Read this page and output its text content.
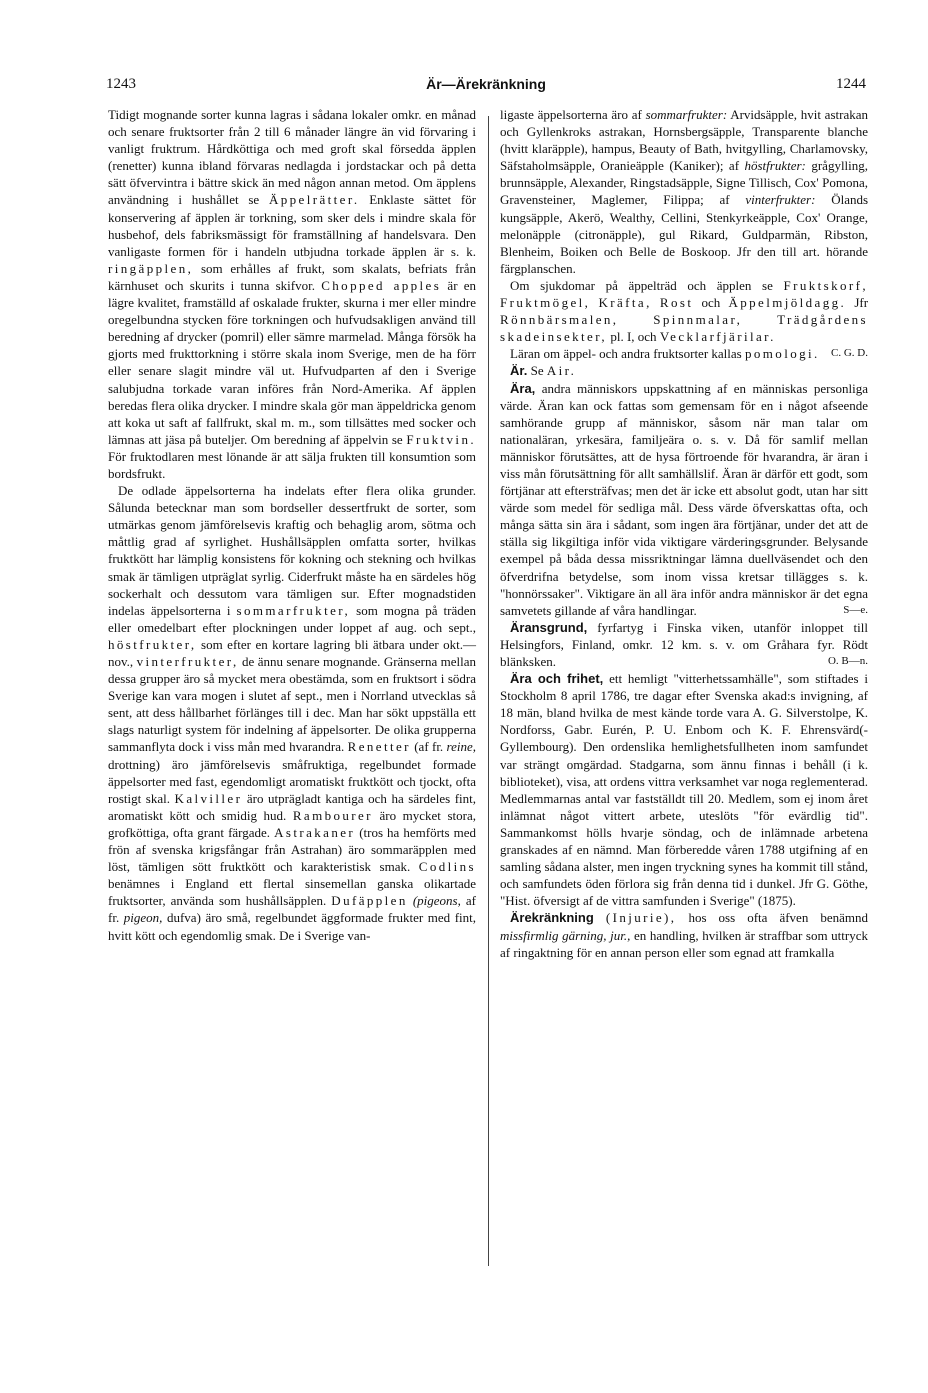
1243	Är—Ärekränkning	1244

Tidigt mognande sorter kunna lagras i sådana lokaler omkr. en månad och senare fruktsorter från 2 till 6 månader längre än vid förvaring i vanligt fruktrum. Hårdköttiga och med groft skal försedda äpplen (renetter) kunna ibland förvaras nedlagda i jordstackar och på detta sätt öfvervintra i bättre skick än med någon annan metod. Om äpplens användning i hushållet se Äppelrätter. Enklaste sättet för konservering af äpplen är torkning, som sker dels i mindre skala för husbehof, dels fabriksmässigt för framställning af handelsvara. Den vanligaste formen för i handeln utbjudna torkade äpplen är s. k. ringäpplen, som erhålles af frukt, som skalats, befriats från kärnhuset och skurits i tunna skifvor. Chopped apples är en lägre kvalitet, framställd af oskalade frukter, skurna i mer eller mindre oregelbundna stycken före torkningen och hufvudsakligen använd till beredning af drycker (pomril) eller sämre marmelad. Många försök ha gjorts med frukttorkning i större skala inom Sverige, men de ha förr eller senare slagit mindre väl ut. Hufvudparten af den i Sverige salubjudna torkade varan införes från Nord-Amerika. Af äpplen beredas flera olika drycker. I mindre skala gör man äppeldricka genom att koka ut saft af fallfrukt, skal m. m., som tillsättes med socker och lämnas att jäsa på buteljer. Om beredning af äppelvin se Fruktvin. För fruktodlaren mest lönande är att sälja frukten till konsumtion som bordsfrukt.

De odlade äppelsorterna ha indelats efter flera olika grunder. Sålunda betecknar man som bordseller dessertfrukt de sorter, som utmärkas genom jämförelsevis kraftig och behaglig arom, sötma och måttlig grad af syrlighet. Hushållsäpplen omfatta sorter, hvilkas fruktkött har lämplig konsistens för kokning och stekning och hvilkas smak är tämligen utpräglat syrlig. Ciderfrukt måste ha en särdeles hög sockerhalt och dessutom vara tämligen sur. Efter mognadstiden indelas äppelsorterna i sommarfrukter, som mogna på träden eller omedelbart efter plockningen under loppet af aug. och sept., höstfrukter, som efter en kortare lagring bli ätbara under okt.—nov., vinterfrukter, de ännu senare mognande. Gränserna mellan dessa grupper äro så mycket mera obestämda, som en fruktsort i södra Sverige kan vara mogen i slutet af sept., men i Norrland utvecklas så sent, att dess hållbarhet förlänges till i dec. Man har sökt uppställa ett slags naturligt system för indelning af äppelsorter. De olika grupperna sammanflyta dock i viss mån med hvarandra. Renetter (af fr. reine, drottning) äro jämförelsevis småfruktiga, regelbundet formade äppelsorter med fast, egendomligt aromatiskt fruktkött och tjockt, ofta rostigt skal. Kalviller äro utprägladt kantiga och ha särdeles fint, aromatiskt kött och smidig hud. Rambourer äro mycket stora, grofköttiga, ofta grant färgade. Astrakaner (tros ha hemförts med frön af svenska krigsfångar från Astrahan) äro sommaräpplen med löst, tämligen sött fruktkött och karakteristisk smak. Codlins benämnes i England ett flertal sinsemellan ganska olikartade fruktsorter, använda som hushållsäpplen. Dufäpplen (pigeons, af fr. pigeon, dufva) äro små, regelbundet äggformade frukter med fint, hvitt kött och egendomlig smak. De i Sverige van-

ligaste äppelsorterna äro af sommarfrukter: Arvidsäpple, hvit astrakan och Gyllenkroks astrakan, Hornsbergsäpple, Transparente blanche (hvitt klaräpple), hampus, Beauty of Bath, hvitgylling, Charlamovsky, Säfstaholmsäpple, Oranieäpple (Kaniker); af höstfrukter: grågylling, brunnsäpple, Alexander, Ringstadsäpple, Signe Tillisch, Cox' Pomona, Gravensteiner, Maglemer, Filippa; af vinterfrukter: Ölands kungsäpple, Akerö, Wealthy, Cellini, Stenkyrkeäpple, Cox' Orange, melonäpple (citronäpple), gul Rikard, Guldparmän, Ribston, Blenheim, Boiken och Belle de Boskoop. Jfr den till art. hörande färgplanschen.

Om sjukdomar på äppelträd och äpplen se Fruktskorf, Fruktmögel, Kräfta, Rost och Äppelmjöldagg. Jfr Rönnbärsmalen,	Spinnmalar,	Trädgårdens skadeinsekter, pl. I, och Vecklarfjärilar.

Läran om äppel- och andra fruktsorter kallas pomologi.	C. G. D.

Är. Se Air.

Ära, andra människors uppskattning af en människas personliga värde. Äran kan ock fattas som gemensam för en i något afseende samhörande grupp af människor, såsom när man talar om nationaläran, yrkesära, familjeära o. s. v. Då för samlif mellan människor förutsättes, att de hysa förtroende för hvarandra, är äran i viss mån förutsättning för allt samhällslif. Äran är därför ett godt, som förtjänar att eftersträfvas; men det är icke ett absolut godt, utan har sitt värde som medel för sedliga mål. Dess värde öfverskattas ofta, och många sätta sin ära i sådant, som ingen ära förtjänar, under det att de ställa sig likgiltiga inför vida viktigare värderingsgrunder. Belysande exempel på båda dessa missriktningar lämna duellväsendet och den öfverdrifna betydelse, som inom vissa kretsar tillägges s. k. "honnörssaker". Viktigare än all ära inför andra människor är det egna samvetets gillande af våra handlingar.	S—e.

Äransgrund, fyrfartyg i Finska viken, utanför inloppet till Helsingfors, Finland, omkr. 12 km. s. v. om Gråhara fyr. Rödt blänksken.	O. B—n.

Ära och frihet, ett hemligt "vitterhetssamhälle", som stiftades i Stockholm 8 april 1786, tre dagar efter Svenska akad:s invigning, af 18 män, bland hvilka de mest kände torde vara A. G. Silverstolpe, K. Nordforss, Gabr. Eurén, P. U. Enbom och K. F. Ehrensvärd(-Gyllembourg). Den ordenslika hemlighetsfullheten inom samfundet var strängt omgärdad. Stadgarna, som ännu finnas i behåll (i k. biblioteket), visa, att ordens vittra verksamhet var noga reglementerad. Medlemmarnas antal var fastställdt till 20. Medlem, som ej inom året inlämnat något vittert arbete, uteslöts "för evärdlig tid". Sammankomst hölls hvarje söndag, och de inlämnade arbetena granskades af en nämnd. Man förberedde våren 1788 utgifning af en samling sådana alster, men ingen tryckning synes ha kommit till stånd, och samfundets öden förlora sig från denna tid i dunkel. Jfr G. Göthe, "Hist. öfversigt af de vittra samfunden i Sverige" (1875).

Ärekränkning (Injurie), hos oss ofta äfven benämnd missfirmlig gärning, jur., en handling, hvilken är straffbar som uttryck af ringaktning för en annan person eller som egnad att framkalla
